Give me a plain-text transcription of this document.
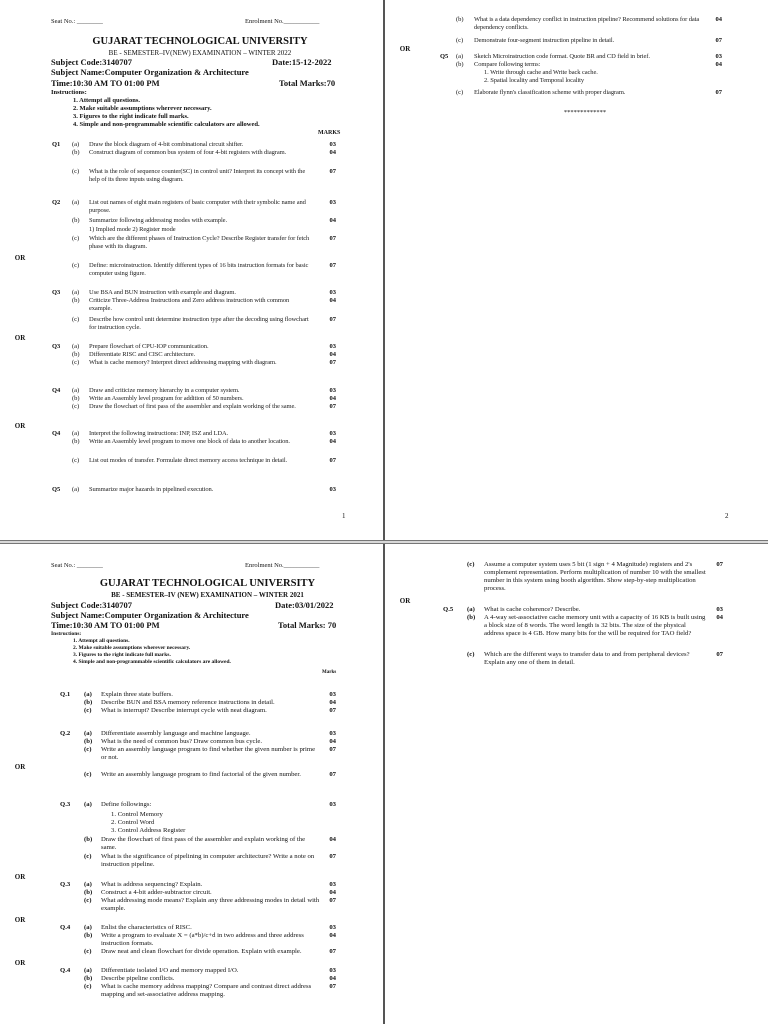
Seat No.: ________	Enrolment No.___________
GUJARAT TECHNOLOGICAL UNIVERSITY
BE - SEMESTER–IV(NEW) EXAMINATION – WINTER 2022
Subject Code:3140707	Date:15-12-2022
Subject Name:Computer Organization & Architecture
Time:10:30 AM TO 01:00 PM	Total Marks:70
Instructions:
1. Attempt all questions.
2. Make suitable assumptions wherever necessary.
3. Figures to the right indicate full marks.
4. Simple and non-programmable scientific calculators are allowed.
MARKS
Q1 (a) Draw the block diagram of 4-bit combinational circuit shifter.	03
(b) Construct diagram of common bus system of four 4-bit registers with diagram.	04
(c) What is the role of sequence counter(SC) in control unit? Interpret its concept with the help of its three inputs using diagram.
07
Q2 (a) List out names of eight main registers of basic computer with their symbolic name and purpose.
03
(b) Summarize following addressing modes with example.	04
1) Implied mode 2) Register mode
(c) Which are the different phases of Instruction Cycle? Describe Register transfer for fetch phase with its diagram.
07
(c) Define: microinstruction. Identify different types of 16 bits instruction formats for basic computer using figure.
07
Q3 (a) Use BSA and BUN instruction with example and diagram.	03
(b) Criticize Three-Address Instructions and Zero address instruction with common example.
04
(c) Describe how control unit determine instruction type after the decoding using flowchart for instruction cycle.
07
Q3 (a) Prepare flowchart of CPU-IOP communication.	03
(b) Differentiate RISC and CISC architecture.	04
(c) What is cache memory? Interpret direct addressing mapping with diagram.	07
Q4 (a) Draw and criticize memory hierarchy in a computer system.	03
(b) Write an Assembly level program for addition of 50 numbers.	04
(c) Draw the flowchart of first pass of the assembler and explain working of the same.	07
Q4 (a) Interpret the following instructions: INP, ISZ and LDA.	03
(b) Write an Assembly level program to move one block of data to another location.	04
(c) List out modes of transfer. Formulate direct memory access technique in detail.	07
Q5 (a) Summarize major hazards in pipelined execution.	03
OR
OR
OR
1
(b) What is a data dependency conflict in instruction pipeline? Recommend solutions for data dependency conflicts.
04
(c) Demonstrate four-segment instruction pipeline in detail.	07
Q5 (a) Sketch Microinstruction code format. Quote BR and CD field in brief.	03
(b) Compare following terms:	04
1. Write through cache and Write back cache.
2. Spatial locality and Temporal locality
(c) Elaborate flynn's classification scheme with proper diagram.	07
OR
*************
2
Seat No.: ________	Enrolment No.___________
GUJARAT TECHNOLOGICAL UNIVERSITY
BE - SEMESTER–IV (NEW) EXAMINATION – WINTER 2021
Subject Code:3140707	Date:03/01/2022
Subject Name:Computer Organization & Architecture
Time:10:30 AM TO 01:00 PM	Total Marks: 70
Instructions:
1. Attempt all questions.
2. Make suitable assumptions wherever necessary.
3. Figures to the right indicate full marks.
4. Simple and non-programmable scientific calculators are allowed.
Marks
Q.1 (a) Explain three state buffers.	03
(b) Describe BUN and BSA memory reference instructions in detail.	04
(c) What is interrupt? Describe interrupt cycle with neat diagram.	07
Q.2 (a) Differentiate assembly language and machine language.	03
(b) What is the need of common bus? Draw common bus cycle.	04
(c) Write an assembly language program to find whether the given number is prime or not.
07
(c) Write an assembly language program to find factorial of the given number.	07
Q.3 (a) Define followings:	03
1. Control Memory
2. Control Word
3. Control Address Register
(b) Draw the flowchart of first pass of the assembler and explain working of the same.
04
(c) What is the significance of pipelining in computer architecture? Write a note on instruction pipeline.
07
Q.3 (a) What is address sequencing? Explain.	03
(b) Construct a 4-bit adder-subtractor circuit.	04
(c) What addressing mode means? Explain any three addressing modes in detail with example.
07
Q.4 (a) Enlist the characteristics of RISC.	03
(b) Write a program to evaluate X = (a*b)/c+d in two address and three address instruction formats.
04
(c) Draw neat and clean flowchart for divide operation. Explain with example.	07
Q.4 (a) Differentiate isolated I/O and memory mapped I/O.	03
(b) Describe pipeline conflicts.	04
(c) What is cache memory address mapping? Compare and contrast direct address mapping and set-associative address mapping.
07
OR
OR
OR
OR
(c) Assume a computer system uses 5 bit (1 sign + 4 Magnitude) registers and 2's complement representation. Perform multiplication of number 10 with the smallest number in this system using booth algorithm. Show step-by-step multiplication process.
07
Q.5 (a) What is cache coherence? Describe.	03
(b) A 4-way set-associative cache memory unit with a capacity of 16 KB is built using a block size of 8 words. The word length is 32 bits. The size of the physical address space is 4 GB. How many bits for the will be required for TAO field?
04
(c) Which are the different ways to transfer data to and from peripheral devices? Explain any one of them in detail.
07
OR
